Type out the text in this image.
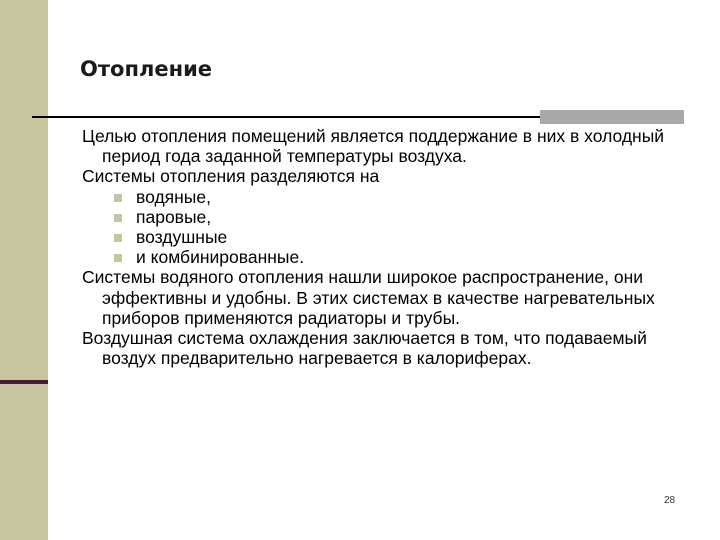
Отопление

Целью отопления помещений является поддержание в них в холодный период года заданной температуры воздуха.

Системы отопления разделяются на

водяные,
паровые,
воздушные
и комбинированные.

Системы водяного отопления нашли широкое распространение, они эффективны и удобны. В этих системах в качестве нагревательных приборов применяются радиаторы и трубы.

Воздушная система охлаждения заключается в том, что подаваемый воздух предварительно нагревается в калориферах.

28
